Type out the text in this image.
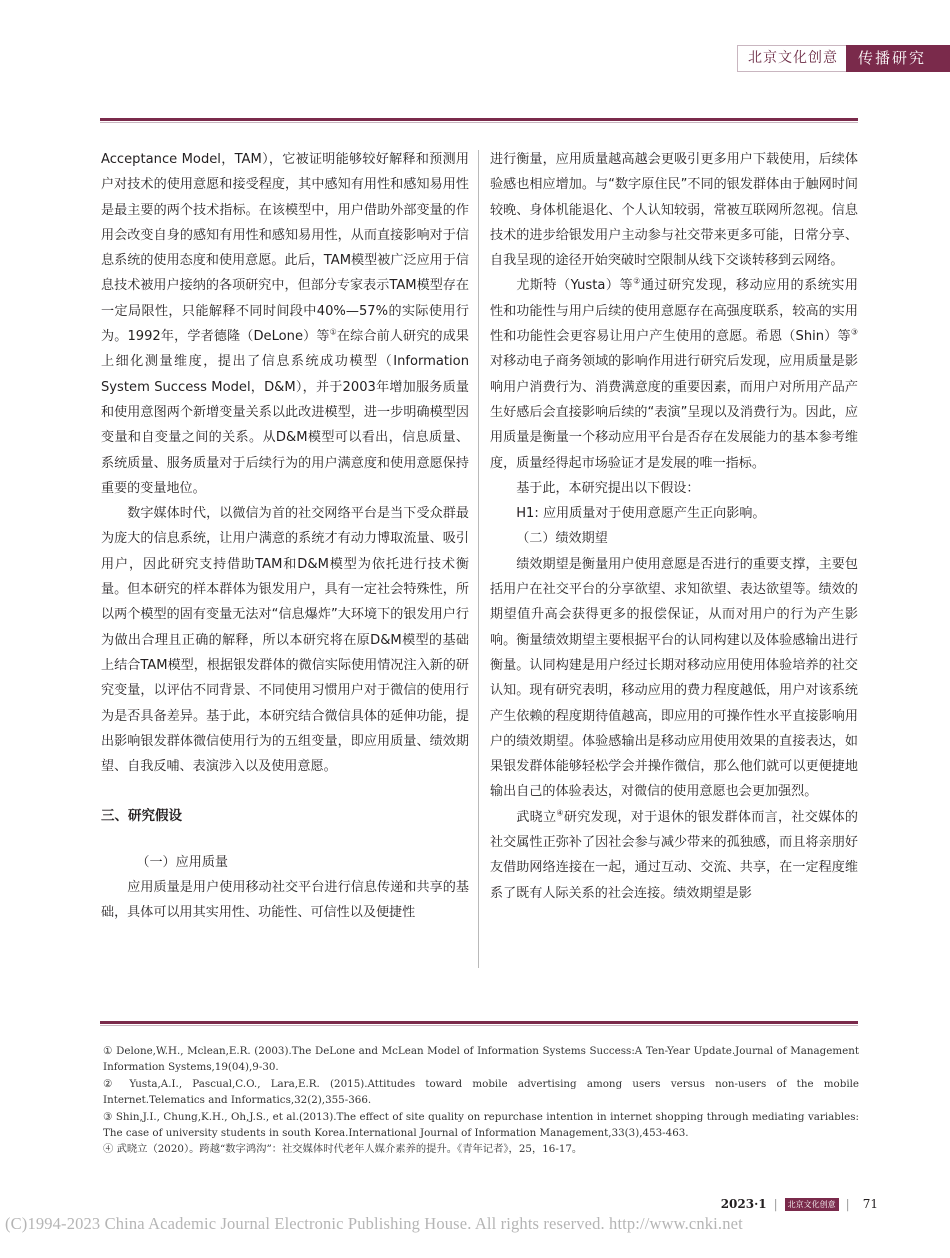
北京文化创意	传播研究

Acceptance Model，TAM），它被证明能够较好解释和预测用户对技术的使用意愿和接受程度，其中感知有用性和感知易用性是最主要的两个技术指标。在该模型中，用户借助外部变量的作用会改变自身的感知有用性和感知易用性，从而直接影响对于信息系统的使用态度和使用意愿。此后，TAM模型被广泛应用于信息技术被用户接纳的各项研究中，但部分专家表示TAM模型存在一定局限性，只能解释不同时间段中40%—57%的实际使用行为。1992年，学者德隆（DeLone）等①在综合前人研究的成果上细化测量维度，提出了信息系统成功模型（Information System Success Model，D&M），并于2003年增加服务质量和使用意图两个新增变量关系以此改进模型，进一步明确模型因变量和自变量之间的关系。从D&M模型可以看出，信息质量、系统质量、服务质量对于后续行为的用户满意度和使用意愿保持重要的变量地位。

数字媒体时代，以微信为首的社交网络平台是当下受众群最为庞大的信息系统，让用户满意的系统才有动力博取流量、吸引用户，因此研究支持借助TAM和D&M模型为依托进行技术衡量。但本研究的样本群体为银发用户，具有一定社会特殊性，所以两个模型的固有变量无法对“信息爆炸”大环境下的银发用户行为做出合理且正确的解释，所以本研究将在原D&M模型的基础上结合TAM模型，根据银发群体的微信实际使用情况注入新的研究变量，以评估不同背景、不同使用习惯用户对于微信的使用行为是否具备差异。基于此，本研究结合微信具体的延伸功能，提出影响银发群体微信使用行为的五组变量，即应用质量、绩效期望、自我反哺、表演涉入以及使用意愿。

三、研究假设

（一）应用质量

应用质量是用户使用移动社交平台进行信息传递和共享的基础，具体可以用其实用性、功能性、可信性以及便捷性

进行衡量，应用质量越高越会更吸引更多用户下载使用，后续体验感也相应增加。与“数字原住民”不同的银发群体由于触网时间较晚、身体机能退化、个人认知较弱，常被互联网所忽视。信息技术的进步给银发用户主动参与社交带来更多可能，日常分享、自我呈现的途径开始突破时空限制从线下交谈转移到云网络。

尤斯特（Yusta）等②通过研究发现，移动应用的系统实用性和功能性与用户后续的使用意愿存在高强度联系，较高的实用性和功能性会更容易让用户产生使用的意愿。希恩（Shin）等③对移动电子商务领域的影响作用进行研究后发现，应用质量是影响用户消费行为、消费满意度的重要因素，而用户对所用产品产生好感后会直接影响后续的“表演”呈现以及消费行为。因此，应用质量是衡量一个移动应用平台是否存在发展能力的基本参考维度，质量经得起市场验证才是发展的唯一指标。

基于此，本研究提出以下假设：

H1: 应用质量对于使用意愿产生正向影响。

（二）绩效期望

绩效期望是衡量用户使用意愿是否进行的重要支撑，主要包括用户在社交平台的分享欲望、求知欲望、表达欲望等。绩效的期望值升高会获得更多的报偿保证，从而对用户的行为产生影响。衡量绩效期望主要根据平台的认同构建以及体验感输出进行衡量。认同构建是用户经过长期对移动应用使用体验培养的社交认知。现有研究表明，移动应用的费力程度越低，用户对该系统产生依赖的程度期待值越高，即应用的可操作性水平直接影响用户的绩效期望。体验感输出是移动应用使用效果的直接表达，如果银发群体能够轻松学会并操作微信，那么他们就可以更便捷地输出自己的体验表达，对微信的使用意愿也会更加强烈。

武晓立④研究发现，对于退休的银发群体而言，社交媒体的社交属性正弥补了因社会参与减少带来的孤独感，而且将亲朋好友借助网络连接在一起，通过互动、交流、共享，在一定程度维系了既有人际关系的社会连接。绩效期望是影

① Delone,W.H., Mclean,E.R. (2003).The DeLone and McLean Model of Information Systems Success:A Ten-Year Update.Journal of Management Information Systems,19(04),9-30.

② Yusta,A.I., Pascual,C.O., Lara,E.R. (2015).Attitudes toward mobile advertising among users versus non-users of the mobile Internet.Telematics and Informatics,32(2),355-366.

③ Shin,J.I., Chung,K.H., Oh,J.S., et al.(2013).The effect of site quality on repurchase intention in internet shopping through mediating variables: The case of university students in south Korea.International Journal of Information Management,33(3),453-463.

④ 武晓立（2020）。跨越“数字鸿沟”：社交媒体时代老年人媒介素养的提升。《青年记者》，25，16-17。

2023·1 |	北京文化创意 | 71
(C)1994-2023 China Academic Journal Electronic Publishing House. All rights reserved. http://www.cnki.net
